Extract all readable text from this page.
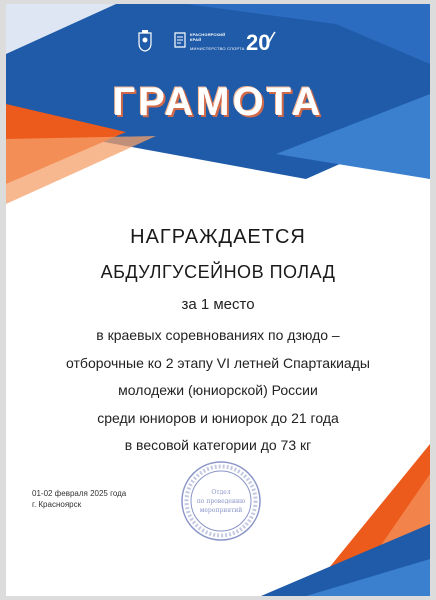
КРАСНОЯРСКИЙ
КРАЙ
МИНИСТЕРСТВО СПОРТА 20
ГРАМОТА
НАГРАЖДАЕТСЯ
АБДУЛГУСЕЙНОВ ПОЛАД
за 1 место
в краевых соревнованиях по дзюдо –
отборочные ко 2 этапу VI летней Спартакиады
молодежи (юниорской) России
среди юниоров и юниорок до 21 года
в весовой категории до 73 кг
01-02 февраля 2025 года
г. Красноярск
Отдел
по проведению
мероприятий
